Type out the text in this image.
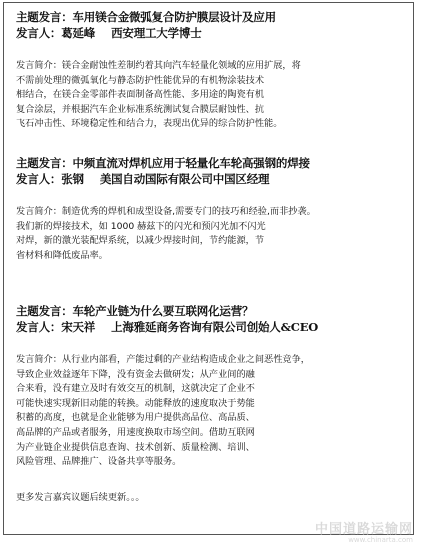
主题发言：车用镁合金微弧复合防护膜层设计及应用
发言人：葛延峰 西安理工大学博士
发言简介：镁合金耐蚀性差制约着其向汽车轻量化领域的应用扩展，将
不需前处理的微弧氧化与静态防护性能优异的有机物涂装技术
相结合，在镁合金零部件表面制备高性能、多用途的陶瓷有机
复合涂层，并根据汽车企业标准系统测试复合膜层耐蚀性、抗
飞石冲击性、环境稳定性和结合力，表现出优异的综合防护性能。
主题发言：中频直流对焊机应用于轻量化车轮高强钢的焊接
发言人：张钢 美国自动国际有限公司中国区经理
发言简介：制造优秀的焊机和成型设备,需要专门的技巧和经验,而非抄袭。
我们新的焊接技术，如 1000 赫兹下的闪光和预闪光加不闪光
对焊，新的激光装配焊系统，以减少焊接时间，节约能源，节
省材料和降低废品率。
主题发言：车轮产业链为什么要互联网化运营？
发言人：宋天祥 上海雅延商务咨询有限公司创始人&CEO
发言简介：从行业内部看，产能过剩的产业结构造成企业之间恶性竞争，
导致企业效益逐年下降，没有资金去做研发；从产业间的融
合来看，没有建立及时有效交互的机制，这就决定了企业不
可能快速实现新旧动能的转换。动能释放的速度取决于势能
积蓄的高度，也就是企业能够为用户提供高品位、高品质、
高品牌的产品或者服务，用速度换取市场空间。借助互联网
为产业链企业提供信息查询、技术创新、质量检测、培训、
风险管理、品牌推广、设备共享等服务。
更多发言嘉宾议题后续更新。。。
中国道路运输网
www.chinarta.com
